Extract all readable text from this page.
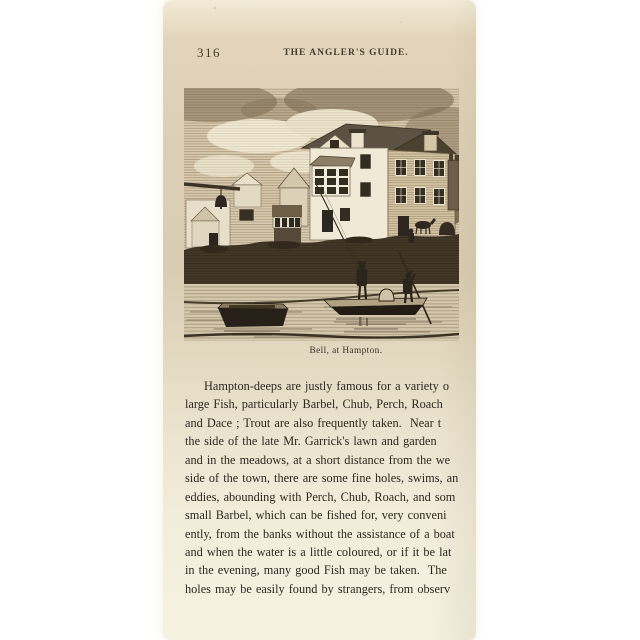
316	THE ANGLER'S GUIDE.
Bell, at Hampton.
Hampton-deeps are justly famous for a variety o
large Fish, particularly Barbel, Chub, Perch, Roach
and Dace ; Trout are also frequently taken.  Near t
the side of the late Mr. Garrick's lawn and garden
and in the meadows, at a short distance from the we
side of the town, there are some fine holes, swims, an
eddies, abounding with Perch, Chub, Roach, and som
small Barbel, which can be fished for, very conveni
ently, from the banks without the assistance of a boat
and when the water is a little coloured, or if it be lat
in the evening, many good Fish may be taken.  The
holes may be easily found by strangers, from observ
